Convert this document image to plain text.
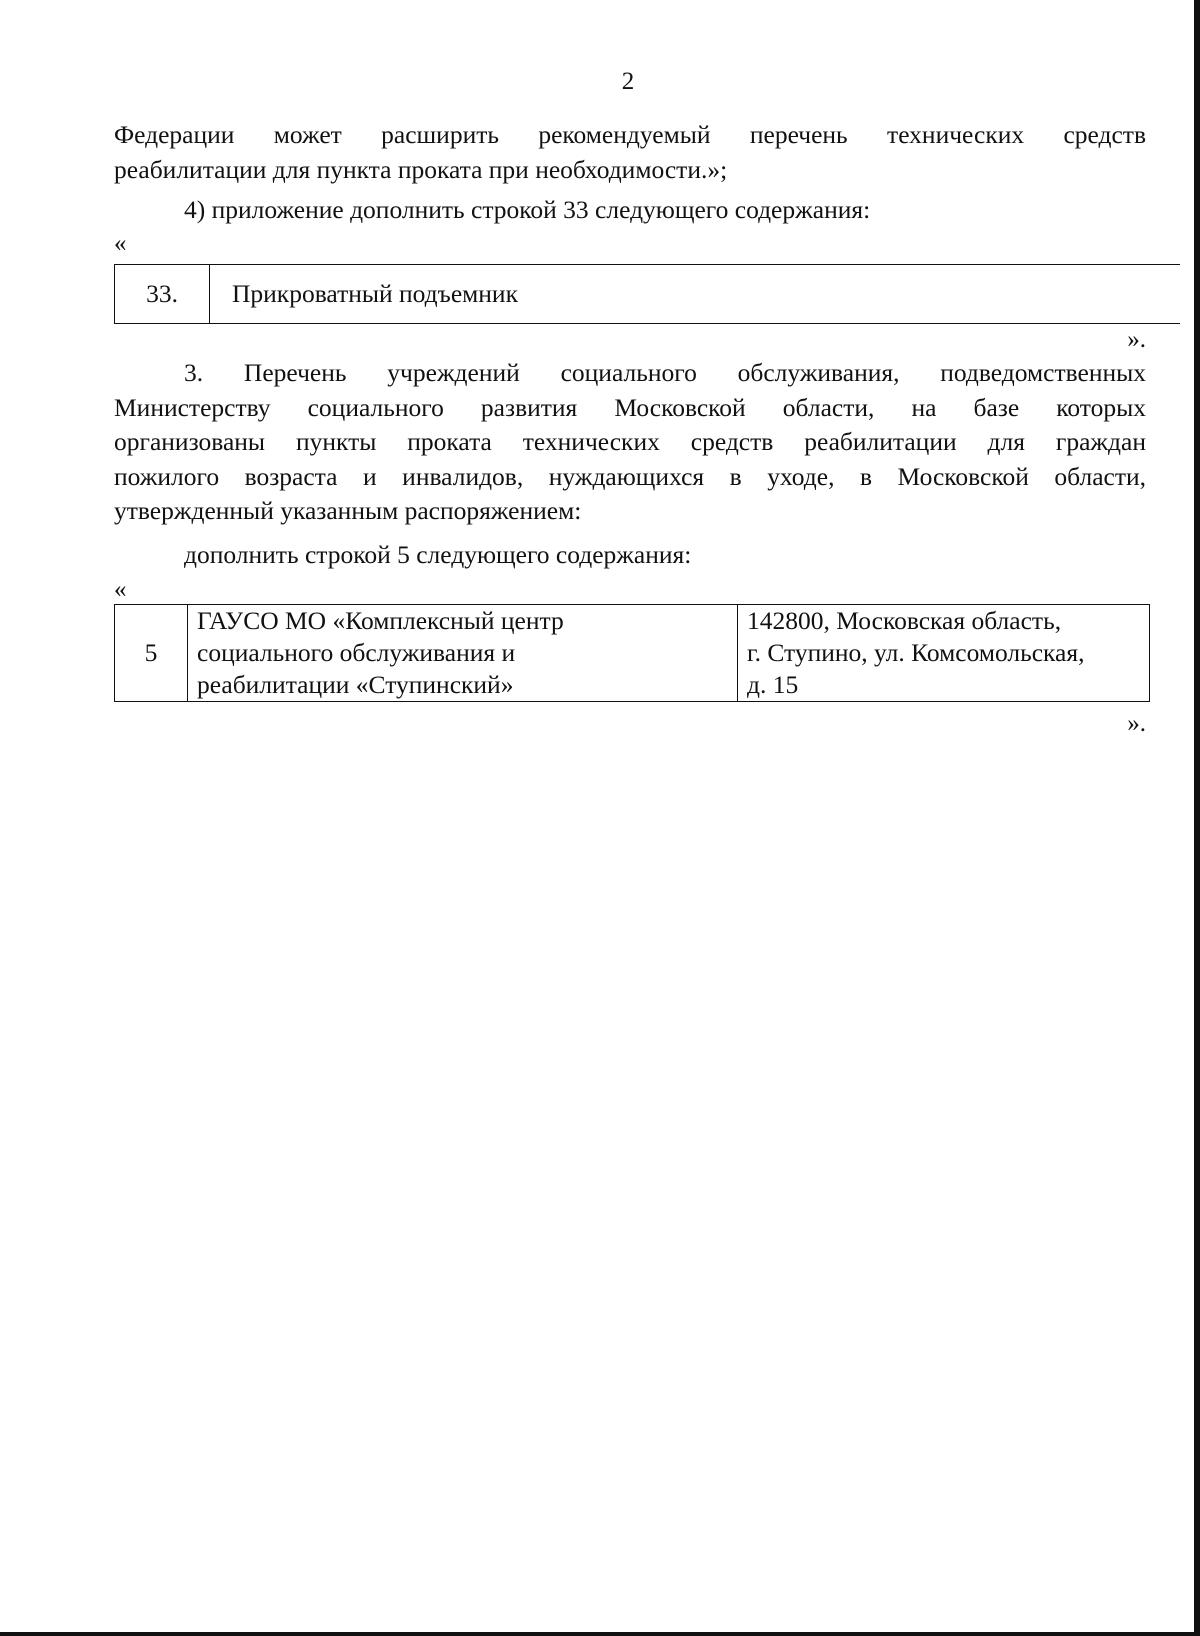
2
Федерации может расширить рекомендуемый перечень технических средств
реабилитации для пункта проката при необходимости.»;
4) приложение дополнить строкой 33 следующего содержания:
«
33.	Прикроватный подъемник
».
3. Перечень учреждений социального обслуживания, подведомственных
Министерству социального развития Московской области, на базе которых
организованы пункты проката технических средств реабилитации для граждан
пожилого возраста и инвалидов, нуждающихся в уходе, в Московской области,
утвержденный указанным распоряжением:
дополнить строкой 5 следующего содержания:
«
5
ГАУСО МО «Комплексный центр
социального обслуживания и
реабилитации «Ступинский»
142800, Московская область,
г. Ступино, ул. Комсомольская,
д. 15
».
